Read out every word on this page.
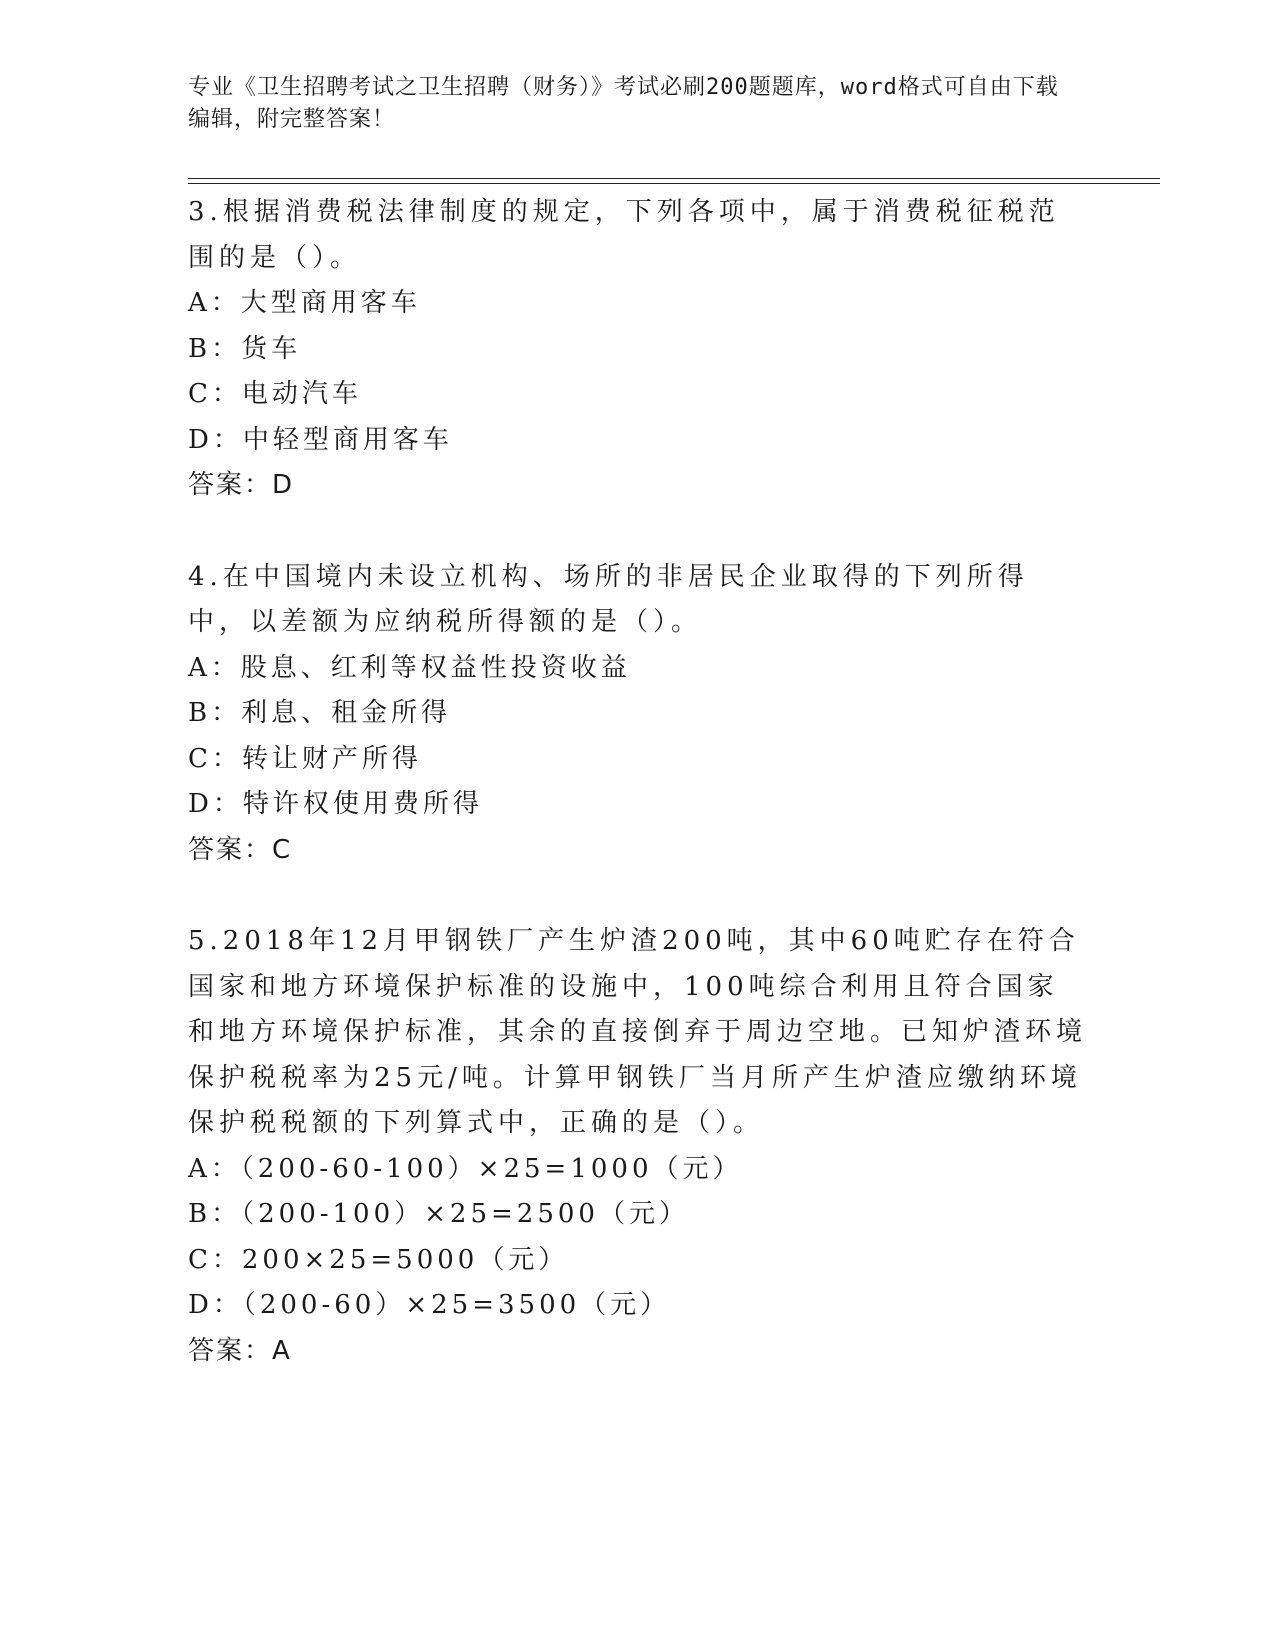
专业《卫生招聘考试之卫生招聘（财务）》考试必刷200题题库，word格式可自由下载编辑，附完整答案！
3.根据消费税法律制度的规定，下列各项中，属于消费税征税范围的是（）。
A：大型商用客车
B：货车
C：电动汽车
D：中轻型商用客车
答案：D
4.在中国境内未设立机构、场所的非居民企业取得的下列所得中，以差额为应纳税所得额的是（）。
A：股息、红利等权益性投资收益
B：利息、租金所得
C：转让财产所得
D：特许权使用费所得
答案：C
5.2018年12月甲钢铁厂产生炉渣200吨，其中60吨贮存在符合国家和地方环境保护标准的设施中，100吨综合利用且符合国家和地方环境保护标准，其余的直接倒弃于周边空地。已知炉渣环境保护税税率为25元/吨。计算甲钢铁厂当月所产生炉渣应缴纳环境保护税税额的下列算式中，正确的是（）。
A：（200-60-100）×25=1000（元）
B：（200-100）×25=2500（元）
C：200×25=5000（元）
D：（200-60）×25=3500（元）
答案：A
